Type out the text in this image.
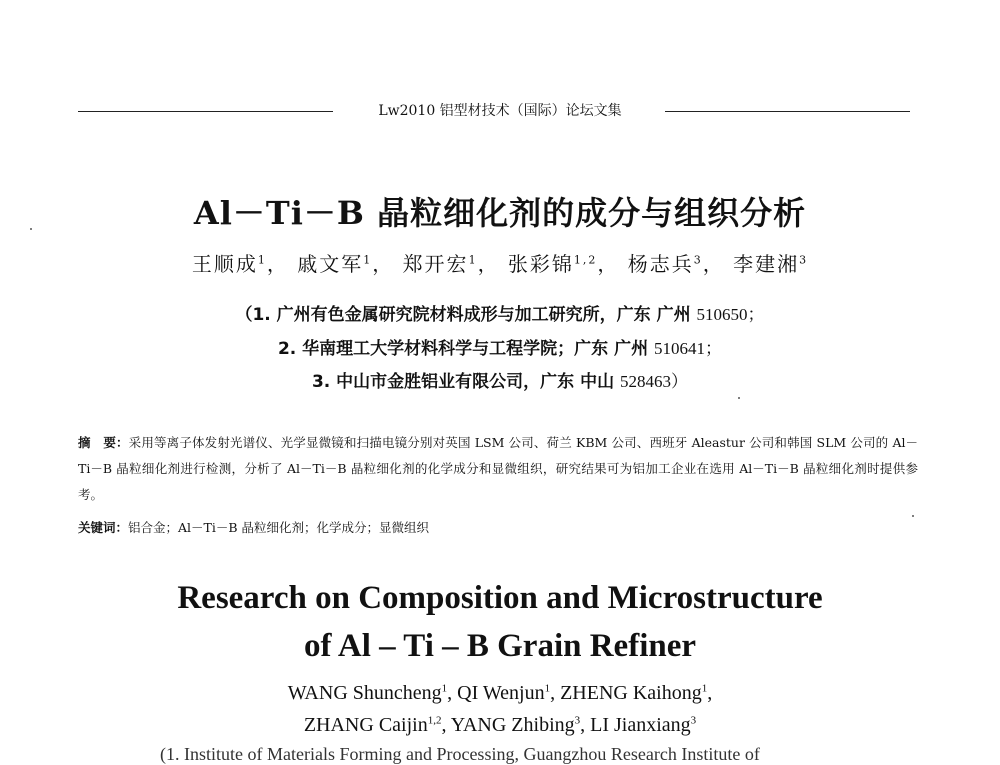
Lw2010 铝型材技术（国际）论坛文集
Al－Ti－B 晶粒细化剂的成分与组织分析
王顺成$^1$， 戚文军$^1$， 郑开宏$^1$， 张彩锦$^{1,2}$， 杨志兵$^3$， 李建湘$^3$
（1. 广州有色金属研究院材料成形与加工研究所，广东 广州 510650；
2. 华南理工大学材料科学与工程学院；广东 广州 510641；
3. 中山市金胜铝业有限公司，广东 中山 528463）
摘　要：采用等离子体发射光谱仪、光学显微镜和扫描电镜分别对英国 LSM 公司、荷兰 KBM 公司、西班牙 Aleastur 公司和韩国 SLM 公司的 Al－Ti－B 晶粒细化剂进行检测，分析了 Al－Ti－B 晶粒细化剂的化学成分和显微组织，研究结果可为铝加工企业在选用 Al－Ti－B 晶粒细化剂时提供参考。
关键词：铝合金；Al－Ti－B 晶粒细化剂；化学成分；显微组织
Research on Composition and Microstructure
of Al – Ti – B Grain Refiner
WANG Shuncheng$^1$, QI Wenjun$^1$, ZHENG Kaihong$^1$,
ZHANG Caijin$^{1,2}$, YANG Zhibing$^3$, LI Jianxiang$^3$
(1. Institute of Materials Forming and Processing, Guangzhou Research Institute of
